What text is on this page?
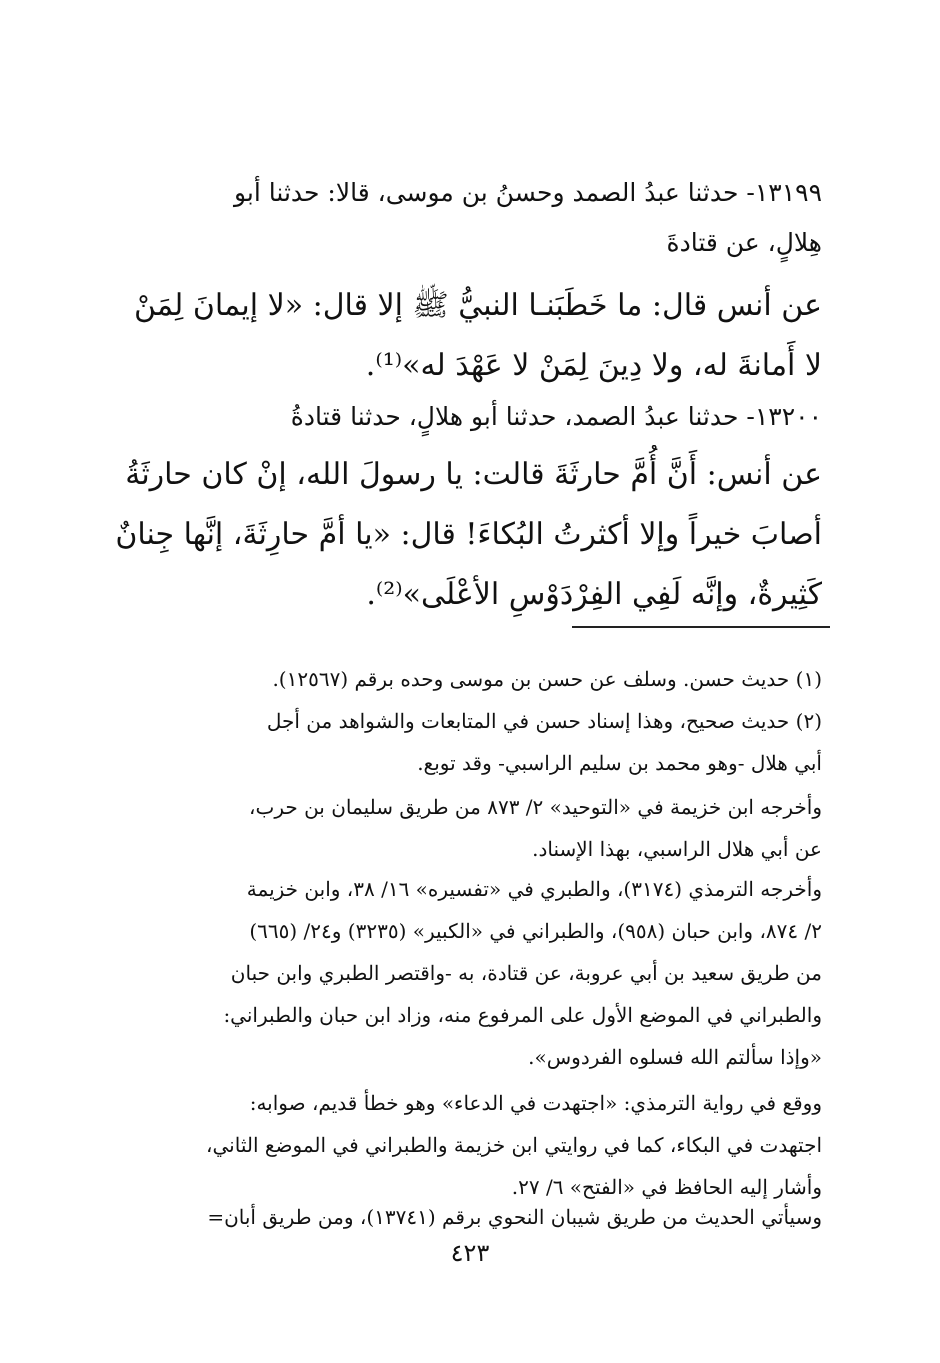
١٣١٩٩- حدثنا عبدُ الصمد وحسنُ بن موسى، قالا: حدثنا أبو
هِلالٍ، عن قتادةَ
عن أنس قال: ما خَطَبَنـا النبيُّ ﷺ إلا قال: «لا إيمانَ لِمَنْ
لا أَمانةَ له، ولا دِينَ لِمَنْ لا عَهْدَ له»⁽¹⁾.
١٣٢٠٠- حدثنا عبدُ الصمد، حدثنا أبو هلالٍ، حدثنا قتادةُ
عن أنس: أَنَّ أُمَّ حارثَةَ قالت: يا رسولَ الله، إنْ كان حارثَةُ
أصابَ خيراً وإلا أكثرتُ البُكاءَ! قال: «يا أمَّ حارِثَةَ، إنَّها جِنانٌ
كَثِيرةٌ، وإنَّه لَفِي الفِرْدَوْسِ الأعْلَى»⁽²⁾.
(١) حديث حسن. وسلف عن حسن بن موسى وحده برقم (١٢٥٦٧).
(٢) حديث صحيح، وهذا إسناد حسن في المتابعات والشواهد من أجل
أبي هلال -وهو محمد بن سليم الراسبي- وقد توبع.
وأخرجه ابن خزيمة في «التوحيد» ٢/ ٨٧٣ من طريق سليمان بن حرب،
عن أبي هلال الراسبي، بهذا الإسناد.
وأخرجه الترمذي (٣١٧٤)، والطبري في «تفسيره» ١٦/ ٣٨، وابن خزيمة
٢/ ٨٧٤، وابن حبان (٩٥٨)، والطبراني في «الكبير» (٣٢٣٥) و٢٤/ (٦٦٥)
من طريق سعيد بن أبي عروبة، عن قتادة، به -واقتصر الطبري وابن حبان
والطبراني في الموضع الأول على المرفوع منه، وزاد ابن حبان والطبراني:
«وإذا سألتم الله فسلوه الفردوس».
ووقع في رواية الترمذي: «اجتهدت في الدعاء» وهو خطأ قديم، صوابه:
اجتهدت في البكاء، كما في روايتي ابن خزيمة والطبراني في الموضع الثاني،
وأشار إليه الحافظ في «الفتح» ٦/ ٢٧.
وسيأتي الحديث من طريق شيبان النحوي برقم (١٣٧٤١)، ومن طريق أبان=
٤٢٣
